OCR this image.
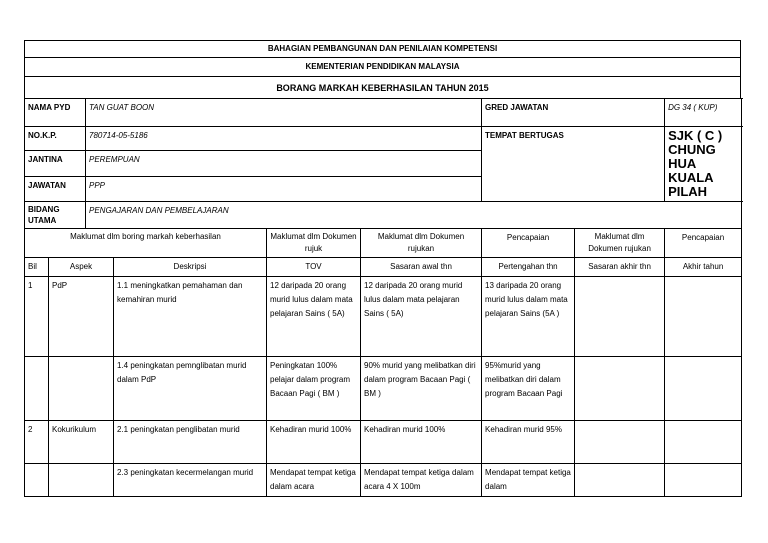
BAHAGIAN PEMBANGUNAN DAN PENILAIAN KOMPETENSI
KEMENTERIAN PENDIDIKAN MALAYSIA
BORANG MARKAH KEBERHASILAN TAHUN 2015
NAMA PYD		TAN GUAT BOON				GRED JAWATAN		DG 34 ( KUP)
NO.K.P.		780714-05-5186				TEMPAT BERTUGAS		SJK ( C ) CHUNG HUA KUALA PILAH
JANTINA		PEREMPUAN						
JAWATAN		PPP						
BIDANG UTAMA		PENGAJARAN DAN PEMBELAJARAN						
Maklumat dlm boring markah keberhasilan				Maklumat dlm Dokumen rujuk	Maklumat dlm Dokumen rujukan	Pencapaian	Maklumat dlm Dokumen rujukan	Pencapaian
Bil	Aspek		Deskripsi	TOV	Sasaran awal thn	Pertengahan thn	Sasaran akhir thn	Akhir tahun
1	PdP		1.1 meningkatkan pemahaman dan kemahiran murid	12 daripada 20 orang murid lulus dalam mata pelajaran Sains ( 5A)	12 daripada 20 orang murid lulus dalam mata pelajaran Sains ( 5A)	13 daripada 20 orang murid lulus dalam mata pelajaran Sains (5A )		
			1.4 peningkatan pemnglibatan murid dalam PdP	Peningkatan 100% pelajar dalam program Bacaan Pagi ( BM )	90% murid yang melibatkan diri dalam program Bacaan Pagi ( BM )	95%murid yang melibatkan diri dalam program Bacaan Pagi		
2	Kokurikulum		2.1 peningkatan penglibatan murid	Kehadiran murid 100%	Kehadiran murid 100%	Kehadiran murid 95%		
			2.3 peningkatan kecermelangan murid	Mendapat tempat ketiga dalam acara	Mendapat tempat ketiga dalam acara 4 X 100m	Mendapat tempat ketiga dalam		
